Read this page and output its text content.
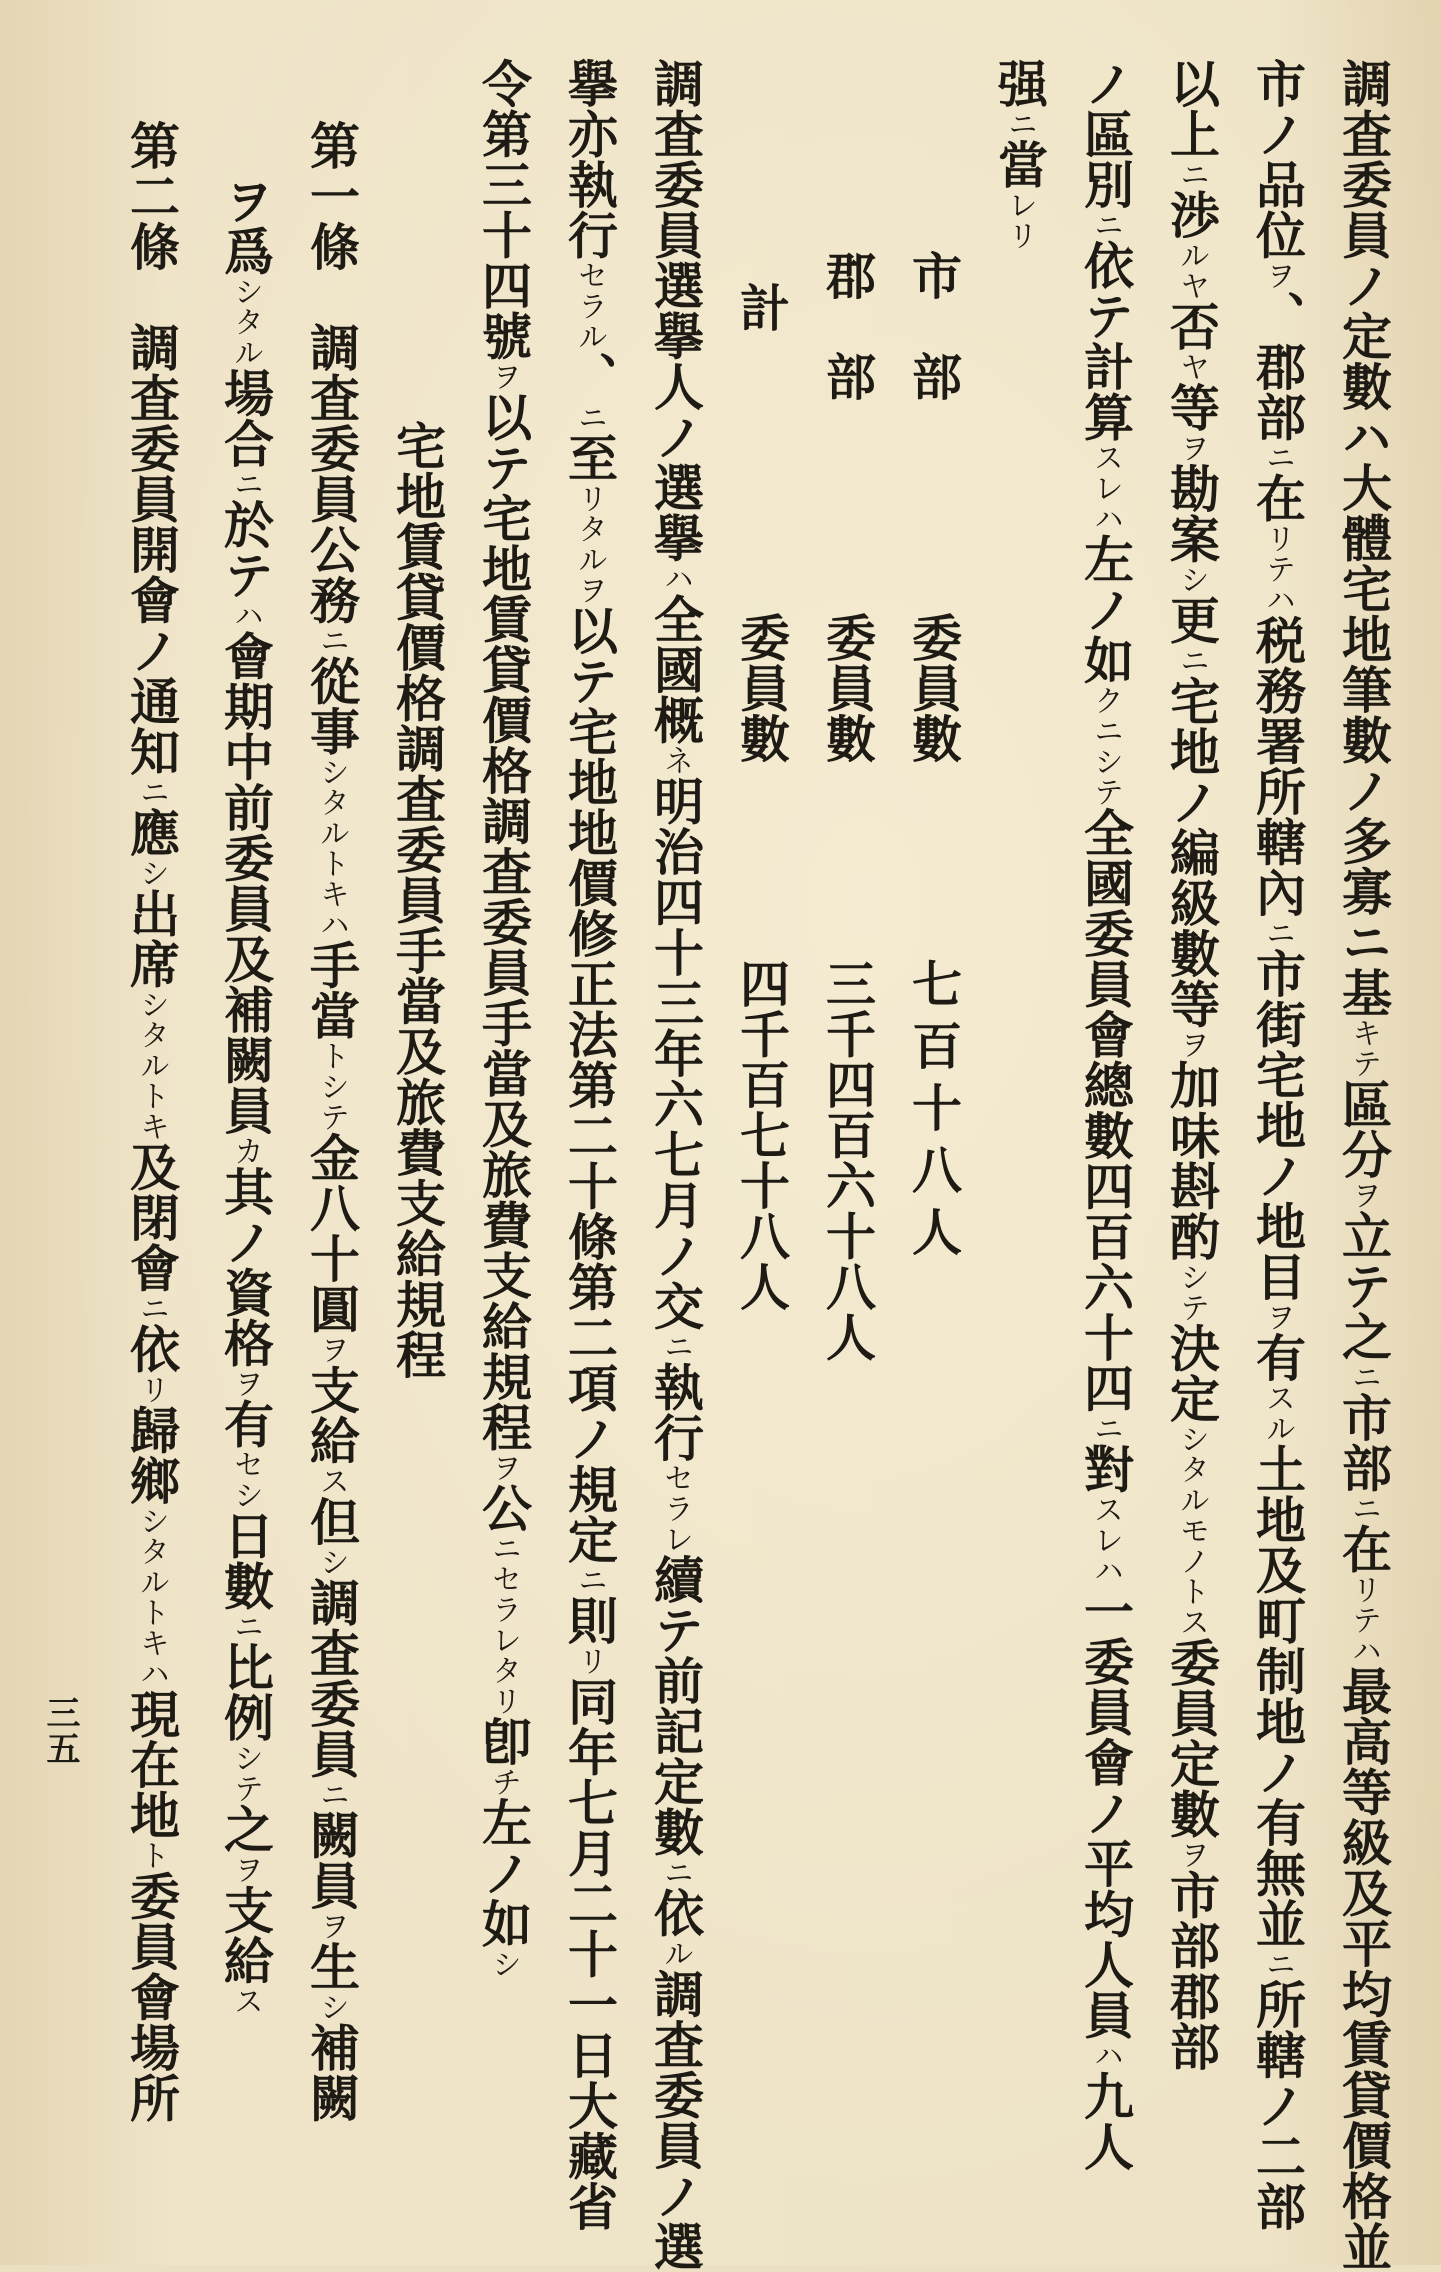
調査委員ノ定數ハ大體宅地筆數ノ多寡ニ基キテ區分ヲ立テ之ニ市部ニ在リテハ最高等級及平均賃貸價格並

市ノ品位ヲ、郡部ニ在リテハ税務署所轄內ニ市街宅地ノ地目ヲ有スル土地及町制地ノ有無並ニ所轄ノ二部

以上ニ渉ルヤ否ヤ等ヲ勘案シ更ニ宅地ノ編級數等ヲ加味斟酌シテ決定シタルモノトス委員定數ヲ市部郡部

ノ區別ニ依テ計算スレハ左ノ如クニシテ全國委員會總數四百六十四ニ對スレハ一委員會ノ平均人員ハ九人

强ニ當レリ

市　部
委員數
七百十八人
郡　部
委員數
三千四百六十八人
計
委員數
四千百七十八人

調査委員選擧人ノ選擧ハ全國概ネ明治四十三年六七月ノ交ニ執行セラレ續テ前記定數ニ依ル調査委員ノ選

擧亦執行セラル、ニ至リタルヲ以テ宅地地價修正法第二十條第二項ノ規定ニ則リ同年七月二十一日大藏省

令第三十四號ヲ以テ宅地賃貸價格調査委員手當及旅費支給規程ヲ公ニセラレタリ卽チ左ノ如シ

宅地賃貸價格調査委員手當及旅費支給規程

第一條　調査委員公務ニ從事シタルトキハ手當トシテ金八十圓ヲ支給ス但シ調査委員ニ闕員ヲ生シ補闕

ヲ爲シタル場合ニ於テハ會期中前委員及補闕員カ其ノ資格ヲ有セシ日數ニ比例シテ之ヲ支給ス

第二條　調査委員開會ノ通知ニ應シ出席シタルトキ及閉會ニ依リ歸鄉シタルトキハ現在地ト委員會場所

三五
